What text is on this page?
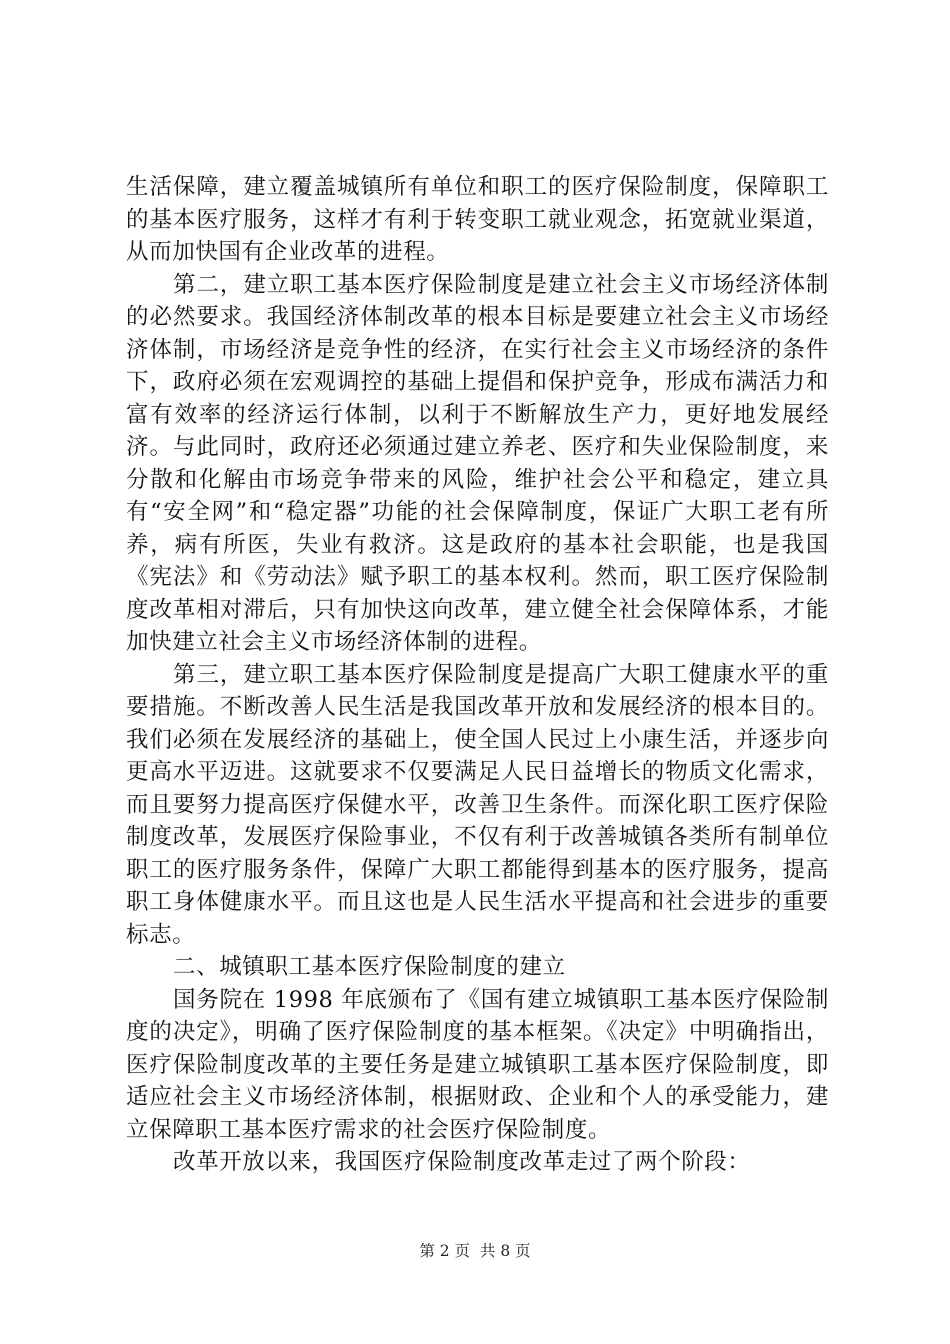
生活保障，建立覆盖城镇所有单位和职工的医疗保险制度，保障职工的基本医疗服务，这样才有利于转变职工就业观念，拓宽就业渠道，从而加快国有企业改革的进程。

第二，建立职工基本医疗保险制度是建立社会主义市场经济体制的必然要求。我国经济体制改革的根本目标是要建立社会主义市场经济体制，市场经济是竞争性的经济，在实行社会主义市场经济的条件下，政府必须在宏观调控的基础上提倡和保护竞争，形成布满活力和富有效率的经济运行体制，以利于不断解放生产力，更好地发展经济。与此同时，政府还必须通过建立养老、医疗和失业保险制度，来分散和化解由市场竞争带来的风险，维护社会公平和稳定，建立具有“安全网”和“稳定器”功能的社会保障制度，保证广大职工老有所养，病有所医，失业有救济。这是政府的基本社会职能，也是我国《宪法》和《劳动法》赋予职工的基本权利。然而，职工医疗保险制度改革相对滞后，只有加快这向改革，建立健全社会保障体系，才能加快建立社会主义市场经济体制的进程。

第三，建立职工基本医疗保险制度是提高广大职工健康水平的重要措施。不断改善人民生活是我国改革开放和发展经济的根本目的。我们必须在发展经济的基础上，使全国人民过上小康生活，并逐步向更高水平迈进。这就要求不仅要满足人民日益增长的物质文化需求，而且要努力提高医疗保健水平，改善卫生条件。而深化职工医疗保险制度改革，发展医疗保险事业，不仅有利于改善城镇各类所有制单位职工的医疗服务条件，保障广大职工都能得到基本的医疗服务，提高职工身体健康水平。而且这也是人民生活水平提高和社会进步的重要标志。

二、城镇职工基本医疗保险制度的建立

国务院在 1998 年底颁布了《国有建立城镇职工基本医疗保险制度的决定》，明确了医疗保险制度的基本框架。《决定》中明确指出，医疗保险制度改革的主要任务是建立城镇职工基本医疗保险制度，即适应社会主义市场经济体制，根据财政、企业和个人的承受能力，建立保障职工基本医疗需求的社会医疗保险制度。

改革开放以来，我国医疗保险制度改革走过了两个阶段：

第 2 页  共 8 页
